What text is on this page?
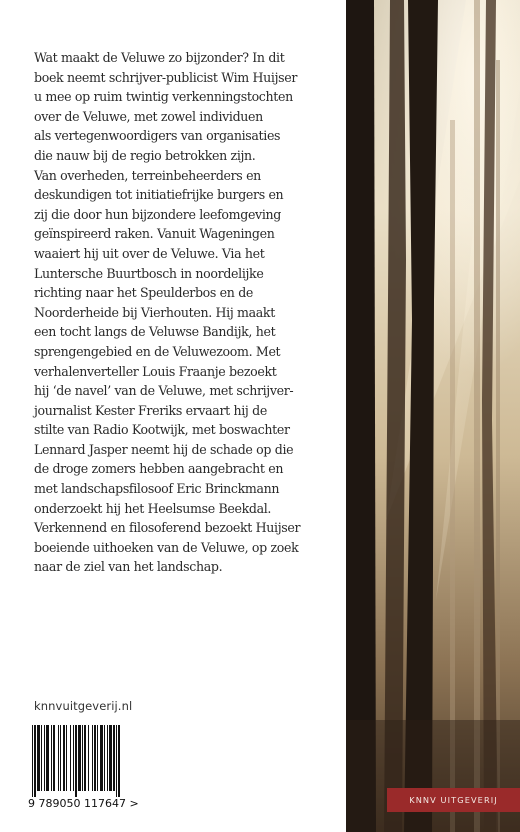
Wat maakt de Veluwe zo bijzonder? In dit
boek neemt schrijver-publicist Wim Huijser
u mee op ruim twintig verkenningstochten
over de Veluwe, met zowel individuen
als vertegenwoordigers van organisaties
die nauw bij de regio betrokken zijn.
Van overheden, terreinbeheerders en
deskundigen tot initiatiefrijke burgers en
zij die door hun bijzondere leefomgeving
geïnspireerd raken. Vanuit Wageningen
waaiert hij uit over de Veluwe. Via het
Luntersche Buurtbosch in noordelijke
richting naar het Speulderbos en de
Noorderheide bij Vierhouten. Hij maakt
een tocht langs de Veluwse Bandijk, het
sprengengebied en de Veluwezoom. Met
verhalenverteller Louis Fraanje bezoekt
hij ‘de navel’ van de Veluwe, met schrijver-
journalist Kester Freriks ervaart hij de
stilte van Radio Kootwijk, met boswachter
Lennard Jasper neemt hij de schade op die
de droge zomers hebben aangebracht en
met landschapsfilosoof Eric Brinckmann
onderzoekt hij het Heelsumse Beekdal.
Verkennend en filosoferend bezoekt Huijser
boeiende uithoeken van de Veluwe, op zoek
naar de ziel van het landschap.

knnvuitgeverij.nl
9 789050 117647 >	KNNV UITGEVERIJ
